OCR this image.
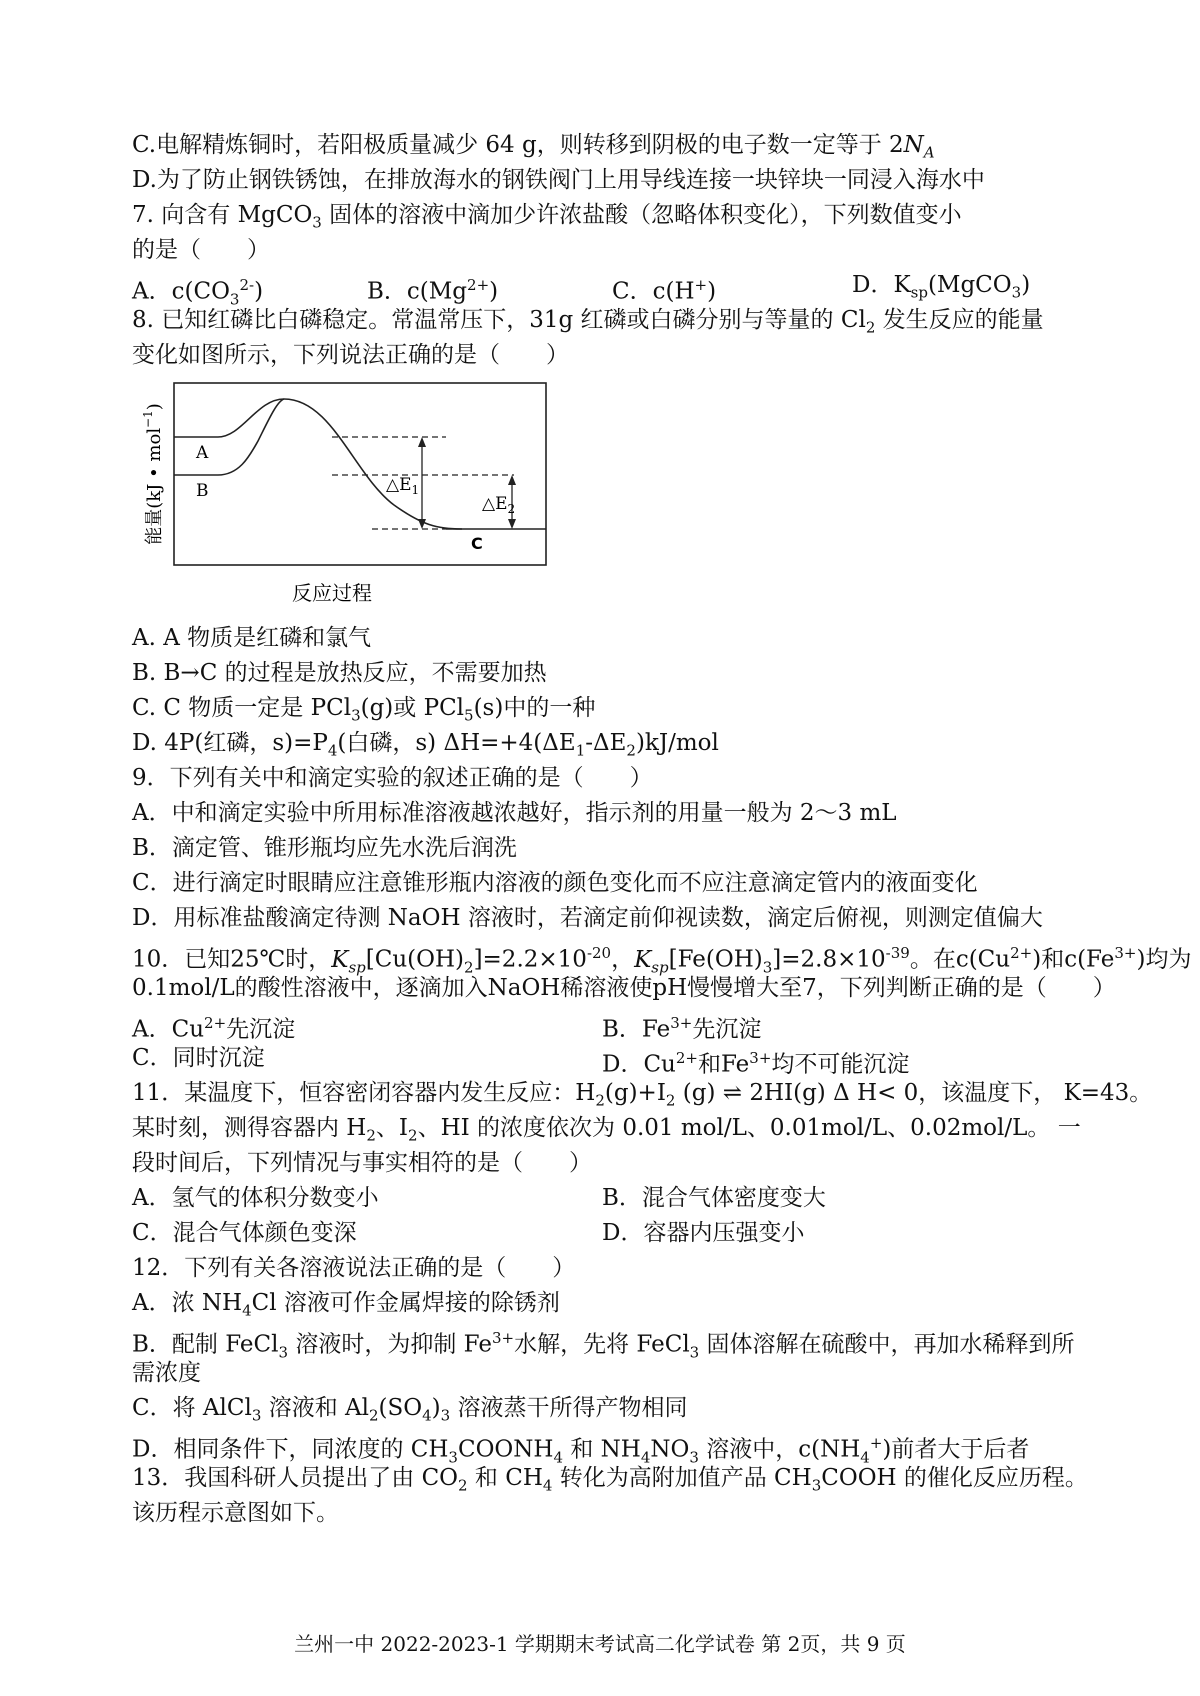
C.电解精炼铜时，若阳极质量减少 64 g，则转移到阴极的电子数一定等于 $2N_A$

D.为了防止钢铁锈蚀，在排放海水的钢铁阀门上用导线连接一块锌块一同浸入海水中

7. 向含有 MgCO$_3$ 固体的溶液中滴加少许浓盐酸（忽略体积变化），下列数值变小

的是（　　）

A．$c(CO_3^{2-})$	B．$c(Mg^{2+})$	C．c(H+)	D．$K_{sp}(MgCO_3)$

8. 已知红磷比白磷稳定。常温常压下，31g 红磷或白磷分别与等量的 $Cl_2$ 发生反应的能量

变化如图所示，下列说法正确的是（　　）

能量(kJ • mol$^{-1}$)
A
B
C
$\triangle E_1$
$\triangle E_2$
反应过程

A. A 物质是红磷和氯气

B. B→C 的过程是放热反应，不需要加热

C. C 物质一定是 PCl$_3$(g)或 PCl$_5$(s)中的一种

D. 4P(红磷，$s)=P_4$(白磷，s) $\Delta H=+4(\Delta E_1-\Delta E_2)kJ$/mol

9．下列有关中和滴定实验的叙述正确的是（　　）

A．中和滴定实验中所用标准溶液越浓越好，指示剂的用量一般为 2～3 mL

B．滴定管、锥形瓶均应先水洗后润洗

C．进行滴定时眼睛应注意锥形瓶内溶液的颜色变化而不应注意滴定管内的液面变化

D．用标准盐酸滴定待测 NaOH 溶液时，若滴定前仰视读数，滴定后俯视，则测定值偏大

10．已知25℃时，$K_{sp}[Cu(OH)_2]=2.2\times 10^{-20}$，$K_{sp}[Fe(OH)_3]=2.8\times 10^{-39}$。在$c(Cu^{2+})$和$c(Fe^{3+})$均为

0.1mol/L的酸性溶液中，逐滴加入NaOH稀溶液使pH慢慢增大至7，下列判断正确的是（　　）

A．$Cu^{2+}$先沉淀	B．$Fe^{3+}$先沉淀
C．同时沉淀	D．$Cu^{2+}$和$Fe^{3+}$均不可能沉淀

11．某温度下，恒容密闭容器内发生反应：$H_2(g)+I_2$ (g) ⇌ 2HI(g) Δ H< 0，该温度下， K=43。

某时刻，测得容器内 $H_2$、$I_2$、HI 的浓度依次为 0.01 mol/L、0.01mol/L、0.02mol/L。 一

段时间后，下列情况与事实相符的是（　　）

A．氢气的体积分数变小	B．混合气体密度变大
C．混合气体颜色变深	D．容器内压强变小

12．下列有关各溶液说法正确的是（　　）

A．浓 $NH_4Cl$ 溶液可作金属焊接的除锈剂

B．配制 FeCl$_3$ 溶液时，为抑制 $Fe^{3+}$水解，先将 FeCl$_3$ 固体溶解在硫酸中，再加水稀释到所

需浓度

C．将 AlCl$_3$ 溶液和 $Al_2(SO_4)_3$ 溶液蒸干所得产物相同

D．相同条件下，同浓度的 $CH_3COONH_4$ 和 $NH_4NO_3$ 溶液中，$c(NH_4^+)$前者大于后者

13．我国科研人员提出了由 $CO_2$ 和 $CH_4$ 转化为高附加值产品 $CH_3COOH$ 的催化反应历程。

该历程示意图如下。

兰州一中 2022-2023-1 学期期末考试高二化学试卷 第 2页，共 9 页
